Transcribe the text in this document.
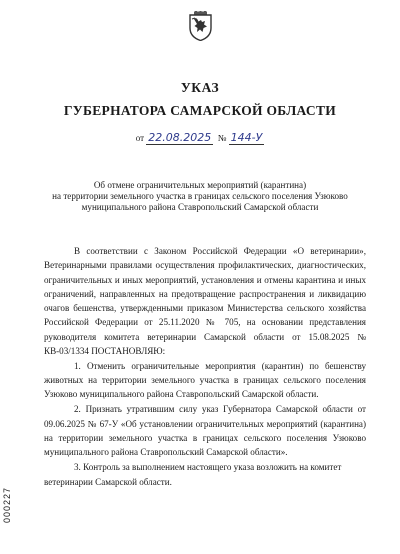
УКАЗ
ГУБЕРНАТОРА САМАРСКОЙ ОБЛАСТИ
от 22.08.2025 № 144-У
Об отмене ограничительных мероприятий (карантина)
на территории земельного участка в границах сельского поселения Узюково
муниципального района Ставропольский Самарской области

В соответствии с Законом Российской Федерации «О ветеринарии», Ветеринарными правилами осуществления профилактических, диагностических, ограничительных и иных мероприятий, установления и отмены карантина и иных ограничений, направленных на предотвращение распространения и ликвидацию очагов бешенства, утвержденными приказом Министерства сельского хозяйства Российской Федерации от 25.11.2020 № 705, на основании представления руководителя комитета ветеринарии Самарской области от 15.08.2025 № КВ-03/1334 ПОСТАНОВЛЯЮ:

1. Отменить ограничительные мероприятия (карантин) по бешенству животных на территории земельного участка в границах сельского поселения Узюково муниципального района Ставропольский Самарской области.

2. Признать утратившим силу указ Губернатора Самарской области от 09.06.2025 № 67-У «Об установлении ограничительных мероприятий (карантина) на территории земельного участка в границах сельского поселения Узюково муниципального района Ставропольский Самарской области».

3. Контроль за выполнением настоящего указа возложить на комитет

ветеринарии Самарской области.

000227
